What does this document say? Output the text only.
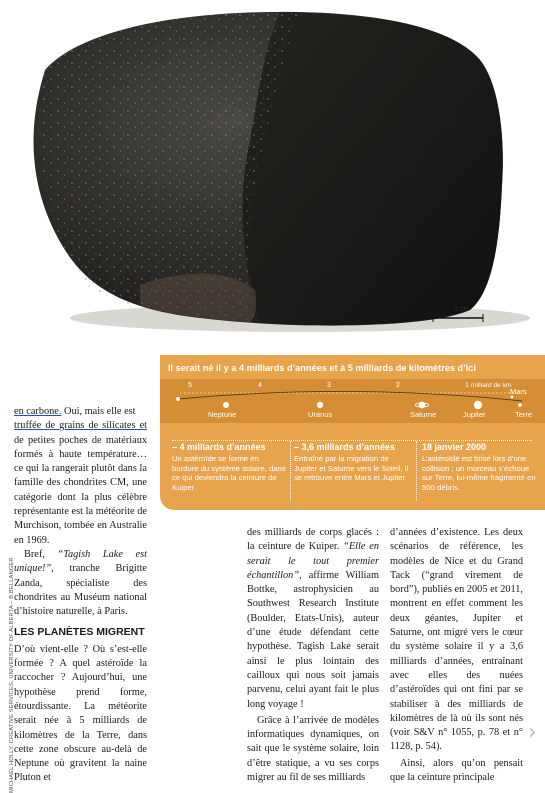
1 cm
Il serait né il y a 4 milliards d’années et à 5 milliards de kilomètres d’ici
5	4	3	2	1 milliard de km
Neptune	Uranus	Saturne	Jupiter
Mars
Terre
– 4 milliards d’années
Un astéroïde se forme en bordure du système solaire, dans ce qui deviendra la ceinture de Kuiper.
– 3,6 milliards d’années
Entraîné par la migration de Jupiter et Saturne vers le Soleil, il se retrouve entre Mars et Jupiter.
18 janvier 2000
L’astéroïde est brisé lors d’une collision ; un morceau s’échoue sur Terre, lui-même fragmenté en 500 débris.
MICHAEL HOLLY, CREATIVE SERVICES, UNIVERSITY OF ALBERTA – B.BELLANGER

en carbone. Oui, mais elle est

truffée de grains de silicates et de petites poches de matériaux formés à haute température… ce qui la rangerait plutôt dans la famille des chondrites CM, une catégorie dont la plus célèbre représentante est la météorite de Murchison, tombée en Australie en 1969.

Bref, “Tagish Lake est unique!”, tranche Brigitte Zanda, spécialiste des chondrites au Muséum national d’histoire naturelle, à Paris.

LES PLANÈTES MIGRENT

D’où vient-elle ? Où s’est-elle formée ? A quel astéroïde la raccocher ? Aujourd’hui, une hypothèse prend forme, étourdissante. La météorite serait née à 5 milliards de kilomètres de la Terre, dans cette zone obscure au-delà de Neptune où gravitent la naine Pluton et

des milliards de corps glacés : la ceinture de Kuiper. “Elle en serait le tout premier échantillon”, affirme William Bottke, astrophysicien au Southwest Research Institute (Boulder, Etats-Unis), auteur d’une étude défendant cette hypothèse. Tagish Lake serait ainsi le plus lointain des cailloux qui nous soit jamais parvenu, celui ayant fait le plus long voyage !

Grâce à l’arrivée de modèles informatiques dynamiques, on sait que le système solaire, loin d’être statique, a vu ses corps migrer au fil de ses milliards

d’années d’existence. Les deux scénarios de référence, les modèles de Nice et du Grand Tack (“grand virement de bord”), publiés en 2005 et 2011, montrent en effet comment les deux géantes, Jupiter et Saturne, ont migré vers le cœur du système solaire il y a 3,6 milliards d’années, entraînant avec elles des nuées d’astéroïdes qui ont fini par se stabiliser à des milliards de kilomètres de là où ils sont nés (voir S&V n° 1055, p. 78 et n° 1128, p. 54).

Ainsi, alors qu’on pensait que la ceinture principale

›
